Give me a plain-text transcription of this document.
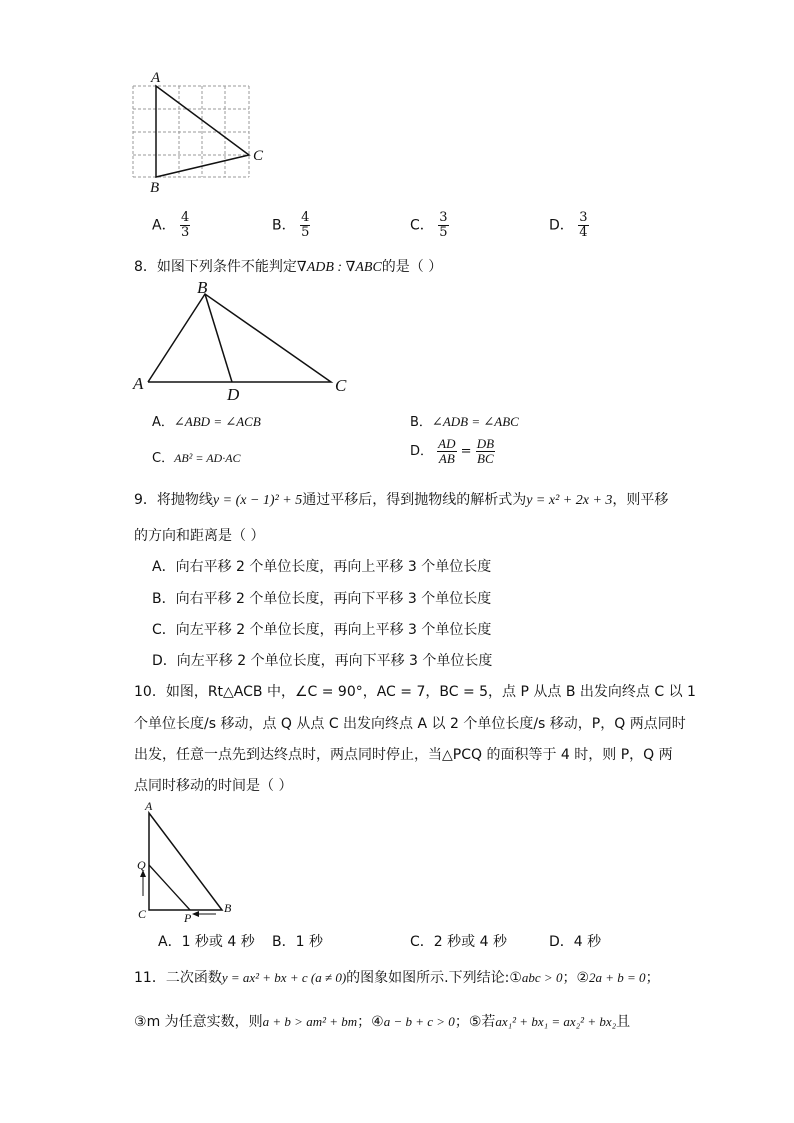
A
B
C
A． $\frac{4}{3}$	B． $\frac{4}{5}$	C． $\frac{3}{5}$	D． $\frac{3}{4}$
8．如图下列条件不能判定∇ADB : ∇ABC的是（ ）
B
A
D	C
A．∠ABD = ∠ACB	B．∠ADB = ∠ABC
C．AB² = AD·AC	D． $\frac{AD}{AB} = \frac{DB}{BC}$
9．将抛物线y = (x − 1)² + 5通过平移后，得到抛物线的解析式为y = x² + 2x + 3，则平移
的方向和距离是（ ）
A．向右平移 2 个单位长度，再向上平移 3 个单位长度
B．向右平移 2 个单位长度，再向下平移 3 个单位长度
C．向左平移 2 个单位长度，再向上平移 3 个单位长度
D．向左平移 2 个单位长度，再向下平移 3 个单位长度
10．如图，Rt△ACB 中，∠C = 90°，AC = 7，BC = 5，点 P 从点 B 出发向终点 C 以 1
个单位长度/s 移动，点 Q 从点 C 出发向终点 A 以 2 个单位长度/s 移动，P，Q 两点同时
出发，任意一点先到达终点时，两点同时停止，当△PCQ 的面积等于 4 时，则 P，Q 两
点同时移动的时间是（ ）
A
Q
C	P
B
A．1 秒或 4 秒 B．1 秒	C．2 秒或 4 秒	D．4 秒
11．二次函数y = ax² + bx + c (a ≠ 0)的图象如图所示.下列结论:①abc > 0；②2a + b = 0；
③m 为任意实数，则a + b > am² + bm；④a − b + c > 0；⑤若ax₁² + bx₁ = ax₂² + bx₂且
